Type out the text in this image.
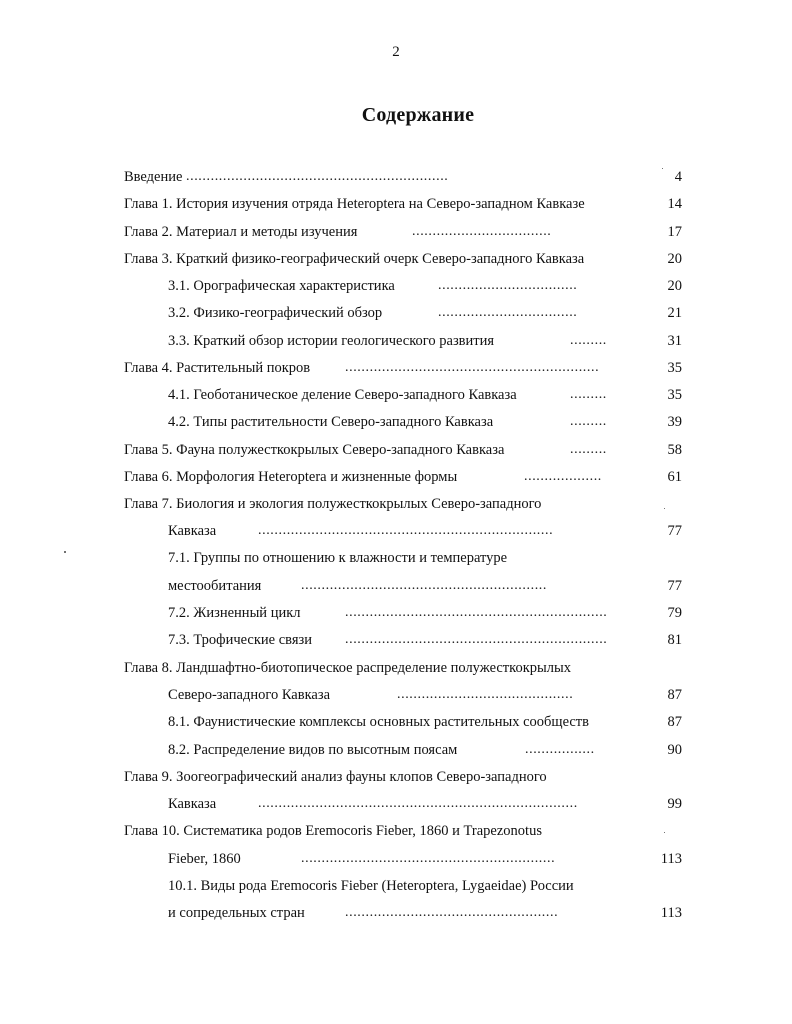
2
Содержание
Введение ................................................................	4
Глава 1. История изучения отряда Heteroptera на Северо-западном Кавказе	14
Глава 2. Материал и методы изучения	..................................	17
Глава 3. Краткий физико-географический очерк Северо-западного Кавказа	20
3.1. Орографическая характеристика	..................................	20
3.2. Физико-географический обзор	..................................	21
3.3. Краткий обзор истории геологического развития	.........	31
Глава 4. Растительный покров ..............................................................	35
4.1. Геоботаническое деление Северо-западного Кавказа	.........	35
4.2. Типы растительности Северо-западного Кавказа	.........	39
Глава 5. Фауна полужесткокрылых Северо-западного Кавказа	.........	58
Глава 6. Морфология Heteroptera и жизненные формы	...................	61
Глава 7. Биология и экология полужесткокрылых Северо-западного
Кавказа	........................................................................	77
7.1. Группы по отношению к влажности и температуре
местообитания	............................................................	77
7.2. Жизненный цикл	................................................................	79
7.3. Трофические связи ................................................................	81
Глава 8. Ландшафтно-биотопическое распределение полужесткокрылых
Северо-западного Кавказа	...........................................	87
8.1. Фаунистические комплексы основных растительных сообществ	87
8.2. Распределение видов по высотным поясам	.................	90
Глава 9. Зоогеографический анализ фауны клопов Северо-западного
Кавказа	..............................................................................	99
Глава 10. Систематика родов Eremocoris Fieber, 1860 и Trapezonotus
Fieber, 1860	..............................................................	113
10.1. Виды рода Eremocoris Fieber (Heteroptera, Lygaeidae) России
и сопредельных стран	....................................................	113
